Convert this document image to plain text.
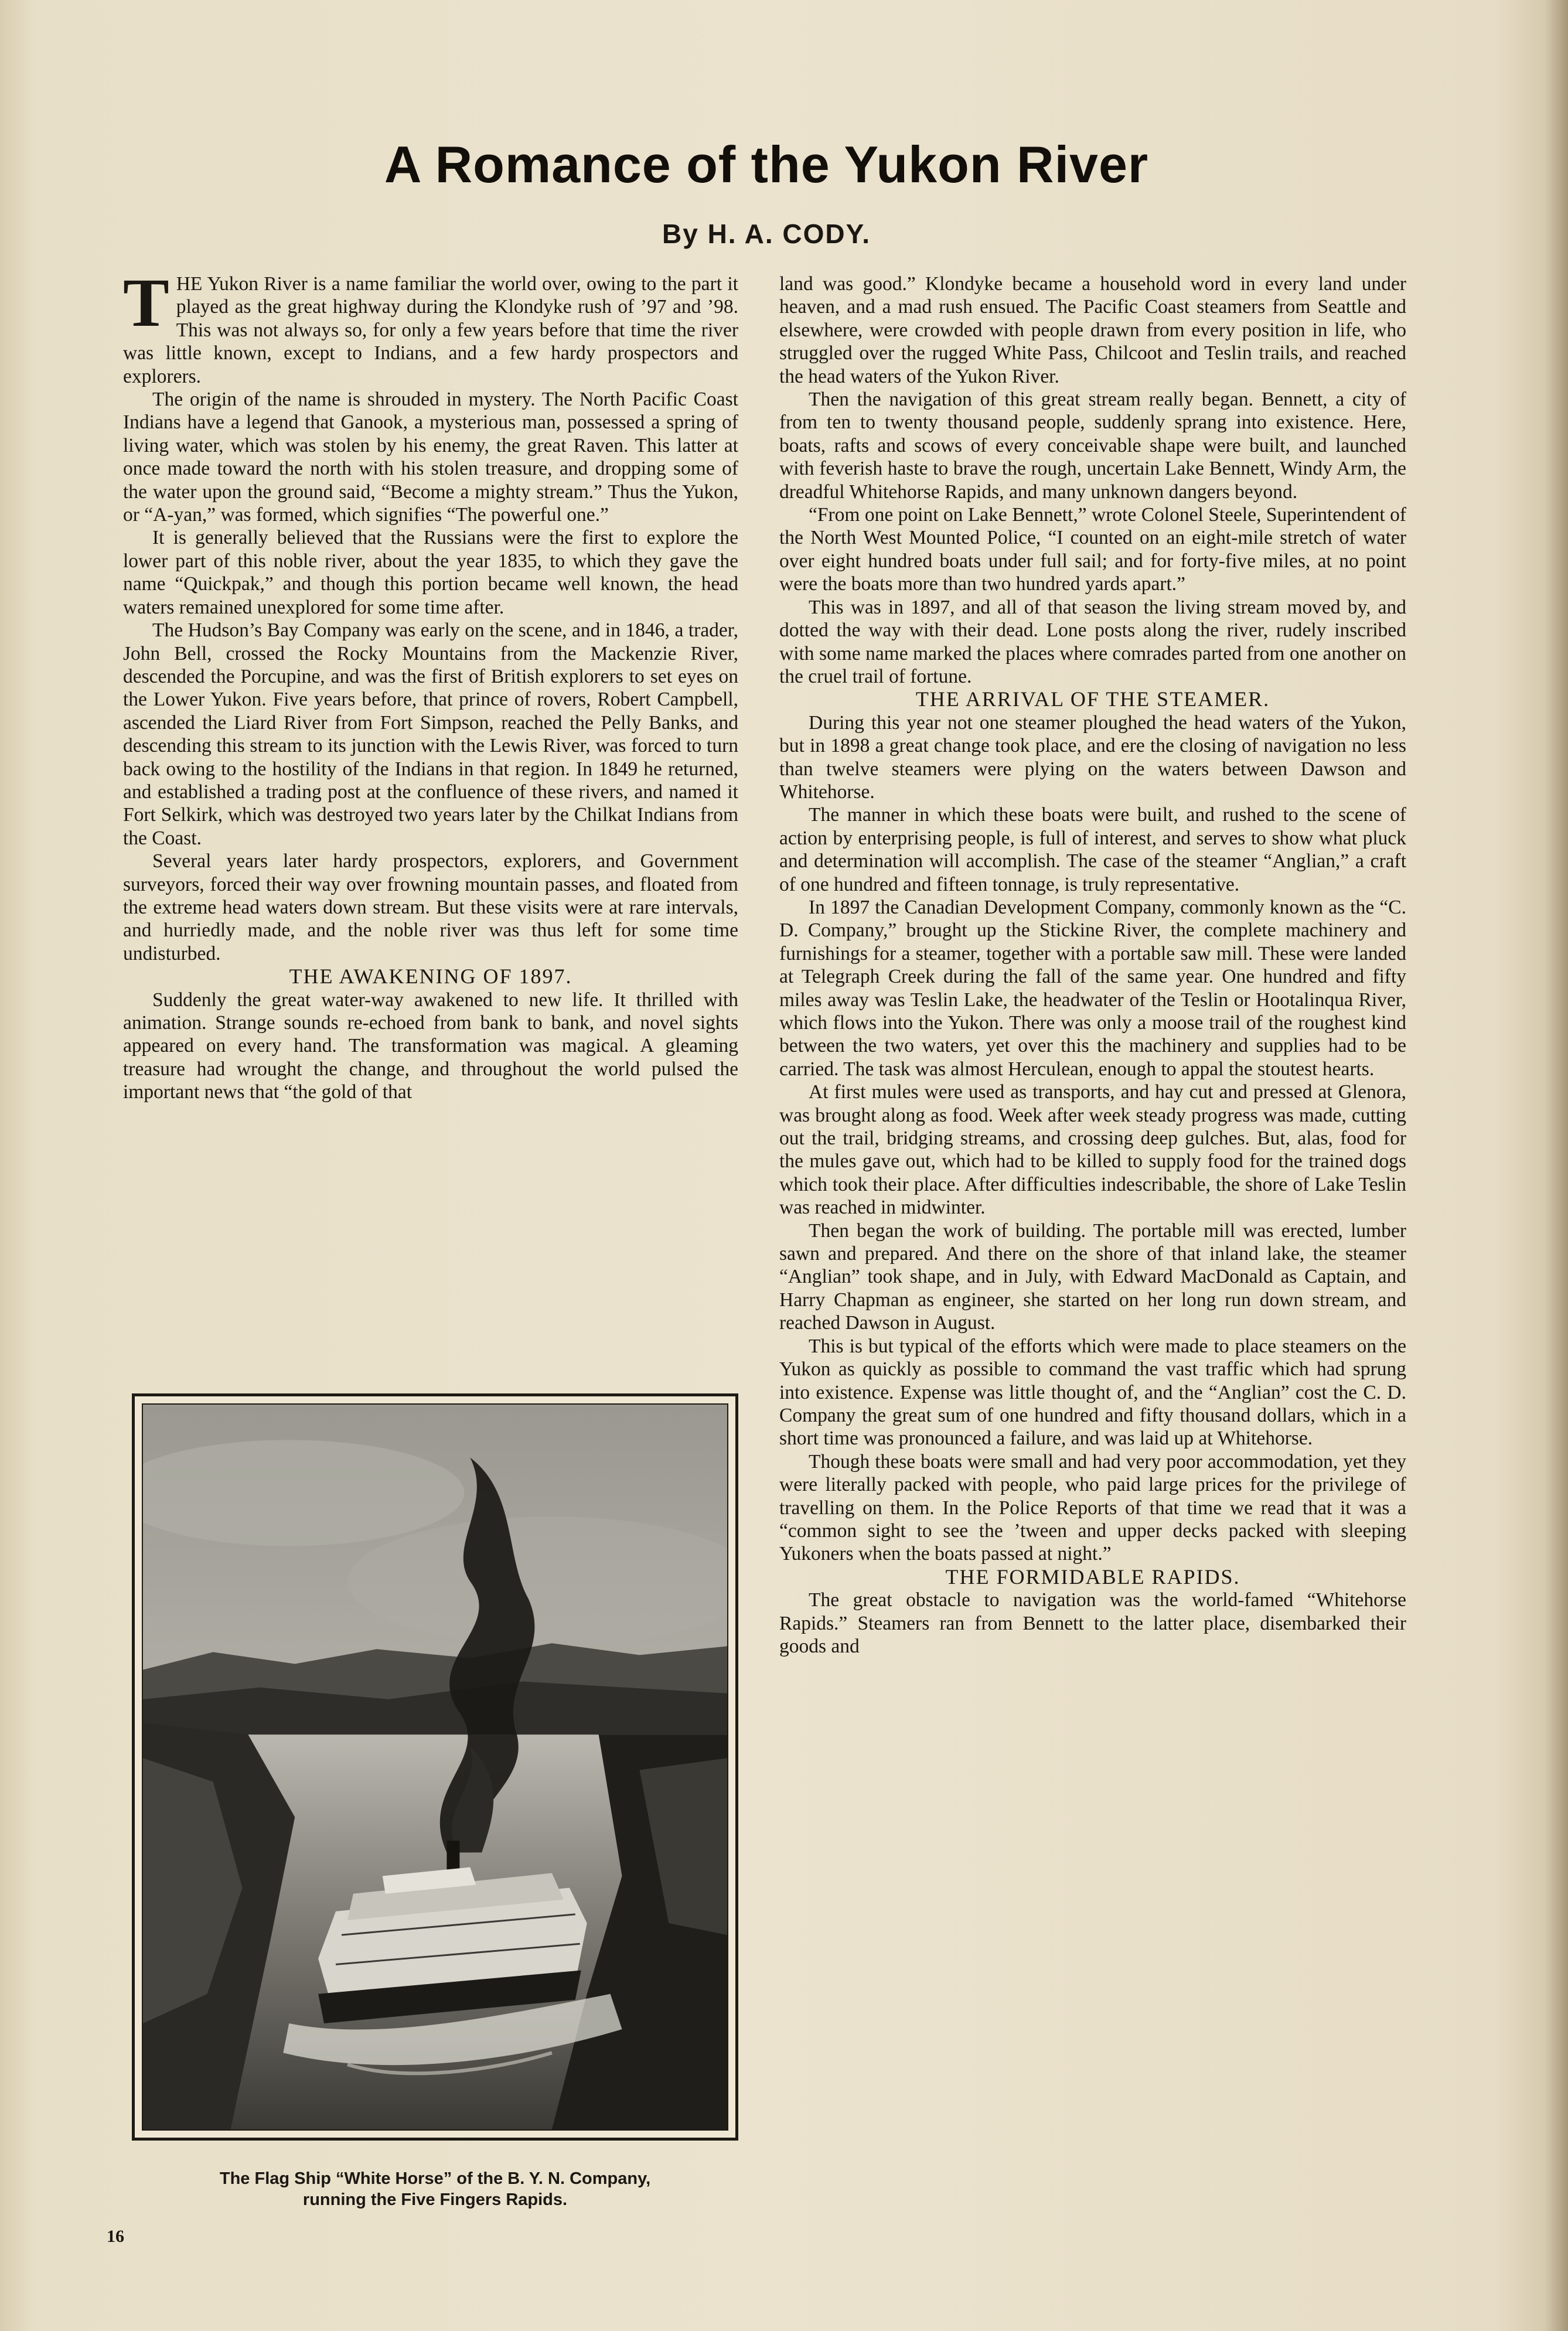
A Romance of the Yukon River
By H. A. CODY.

THE Yukon River is a name familiar the world over, owing to the part it played as the great highway during the Klondyke rush of ’97 and ’98. This was not always so, for only a few years before that time the river was little known, except to Indians, and a few hardy prospectors and explorers.

The origin of the name is shrouded in mystery. The North Pacific Coast Indians have a legend that Ganook, a mysterious man, possessed a spring of living water, which was stolen by his enemy, the great Raven. This latter at once made toward the north with his stolen treasure, and dropping some of the water upon the ground said, “Become a mighty stream.” Thus the Yukon, or “A-yan,” was formed, which signifies “The powerful one.”

It is generally believed that the Russians were the first to explore the lower part of this noble river, about the year 1835, to which they gave the name “Quickpak,” and though this portion became well known, the head waters remained unexplored for some time after.

The Hudson’s Bay Company was early on the scene, and in 1846, a trader, John Bell, crossed the Rocky Mountains from the Mackenzie River, descended the Porcupine, and was the first of British explorers to set eyes on the Lower Yukon. Five years before, that prince of rovers, Robert Campbell, ascended the Liard River from Fort Simpson, reached the Pelly Banks, and descending this stream to its junction with the Lewis River, was forced to turn back owing to the hostility of the Indians in that region. In 1849 he returned, and established a trading post at the confluence of these rivers, and named it Fort Selkirk, which was destroyed two years later by the Chilkat Indians from the Coast.

Several years later hardy prospectors, explorers, and Government surveyors, forced their way over frowning mountain passes, and floated from the extreme head waters down stream. But these visits were at rare intervals, and hurriedly made, and the noble river was thus left for some time undisturbed.

THE AWAKENING OF 1897.

Suddenly the great water-way awakened to new life. It thrilled with animation. Strange sounds re-echoed from bank to bank, and novel sights appeared on every hand. The transformation was magical. A gleaming treasure had wrought the change, and throughout the world pulsed the important news that “the gold of that

land was good.” Klondyke became a household word in every land under heaven, and a mad rush ensued. The Pacific Coast steamers from Seattle and elsewhere, were crowded with people drawn from every position in life, who struggled over the rugged White Pass, Chilcoot and Teslin trails, and reached the head waters of the Yukon River.

Then the navigation of this great stream really began. Bennett, a city of from ten to twenty thousand people, suddenly sprang into existence. Here, boats, rafts and scows of every conceivable shape were built, and launched with feverish haste to brave the rough, uncertain Lake Bennett, Windy Arm, the dreadful Whitehorse Rapids, and many unknown dangers beyond.

“From one point on Lake Bennett,” wrote Colonel Steele, Superintendent of the North West Mounted Police, “I counted on an eight-mile stretch of water over eight hundred boats under full sail; and for forty-five miles, at no point were the boats more than two hundred yards apart.”

This was in 1897, and all of that season the living stream moved by, and dotted the way with their dead. Lone posts along the river, rudely inscribed with some name marked the places where comrades parted from one another on the cruel trail of fortune.

THE ARRIVAL OF THE STEAMER.

During this year not one steamer ploughed the head waters of the Yukon, but in 1898 a great change took place, and ere the closing of navigation no less than twelve steamers were plying on the waters between Dawson and Whitehorse.

The manner in which these boats were built, and rushed to the scene of action by enterprising people, is full of interest, and serves to show what pluck and determination will accomplish. The case of the steamer “Anglian,” a craft of one hundred and fifteen tonnage, is truly representative.

In 1897 the Canadian Development Company, commonly known as the “C. D. Company,” brought up the Stickine River, the complete machinery and furnishings for a steamer, together with a portable saw mill. These were landed at Telegraph Creek during the fall of the same year. One hundred and fifty miles away was Teslin Lake, the headwater of the Teslin or Hootalinqua River, which flows into the Yukon. There was only a moose trail of the roughest kind between the two waters, yet over this the machinery and supplies had to be carried. The task was almost Herculean, enough to appal the stoutest hearts.

At first mules were used as transports, and hay cut and pressed at Glenora, was brought along as food. Week after week steady progress was made, cutting out the trail, bridging streams, and crossing deep gulches. But, alas, food for the mules gave out, which had to be killed to supply food for the trained dogs which took their place. After difficulties indescribable, the shore of Lake Teslin was reached in midwinter.

Then began the work of building. The portable mill was erected, lumber sawn and prepared. And there on the shore of that inland lake, the steamer “Anglian” took shape, and in July, with Edward MacDonald as Captain, and Harry Chapman as engineer, she started on her long run down stream, and reached Dawson in August.

This is but typical of the efforts which were made to place steamers on the Yukon as quickly as possible to command the vast traffic which had sprung into existence. Expense was little thought of, and the “Anglian” cost the C. D. Company the great sum of one hundred and fifty thousand dollars, which in a short time was pronounced a failure, and was laid up at Whitehorse.

Though these boats were small and had very poor accommodation, yet they were literally packed with people, who paid large prices for the privilege of travelling on them. In the Police Reports of that time we read that it was a “common sight to see the ’tween and upper decks packed with sleeping Yukoners when the boats passed at night.”

THE FORMIDABLE RAPIDS.

The great obstacle to navigation was the world-famed “Whitehorse Rapids.” Steamers ran from Bennett to the latter place, disembarked their goods and

The Flag Ship “White Horse” of the B. Y. N. Company,
running the Five Fingers Rapids.
16
